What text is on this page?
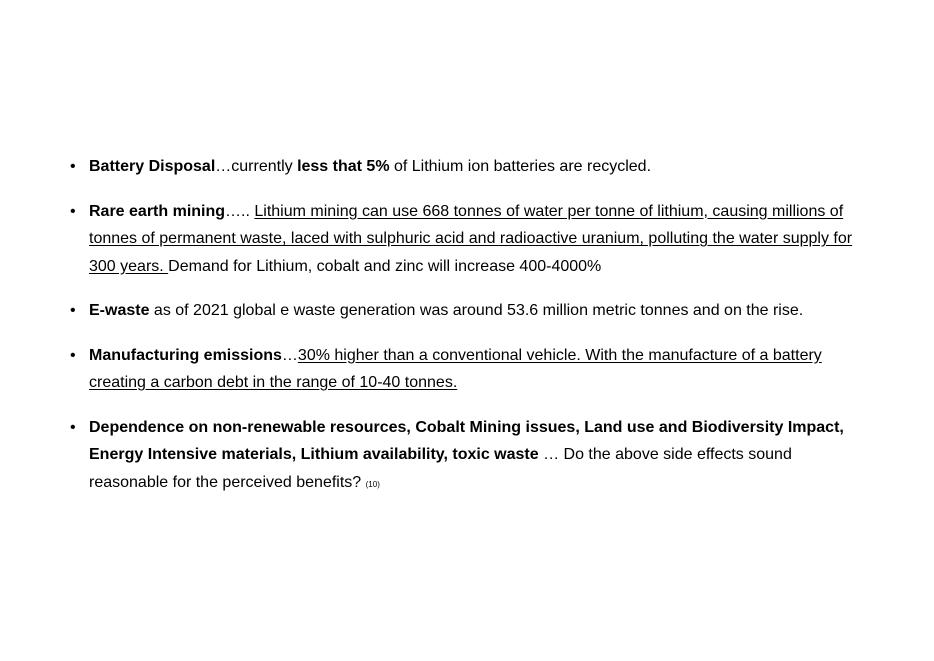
• Battery Disposal…currently less that 5% of Lithium ion batteries are recycled.
• Rare earth mining….. Lithium mining can use 668 tonnes of water per tonne of lithium, causing millions of tonnes of permanent waste, laced with sulphuric acid and radioactive uranium, polluting the water supply for 300 years. Demand for Lithium, cobalt and zinc will increase 400-4000%
• E-waste as of 2021 global e waste generation was around 53.6 million metric tonnes and on the rise.
• Manufacturing emissions…30% higher than a conventional vehicle. With the manufacture of a battery creating a carbon debt in the range of 10-40 tonnes.
• Dependence on non-renewable resources, Cobalt Mining issues, Land use and Biodiversity Impact, Energy Intensive materials, Lithium availability, toxic waste … Do the above side effects sound reasonable for the perceived benefits? (10)
